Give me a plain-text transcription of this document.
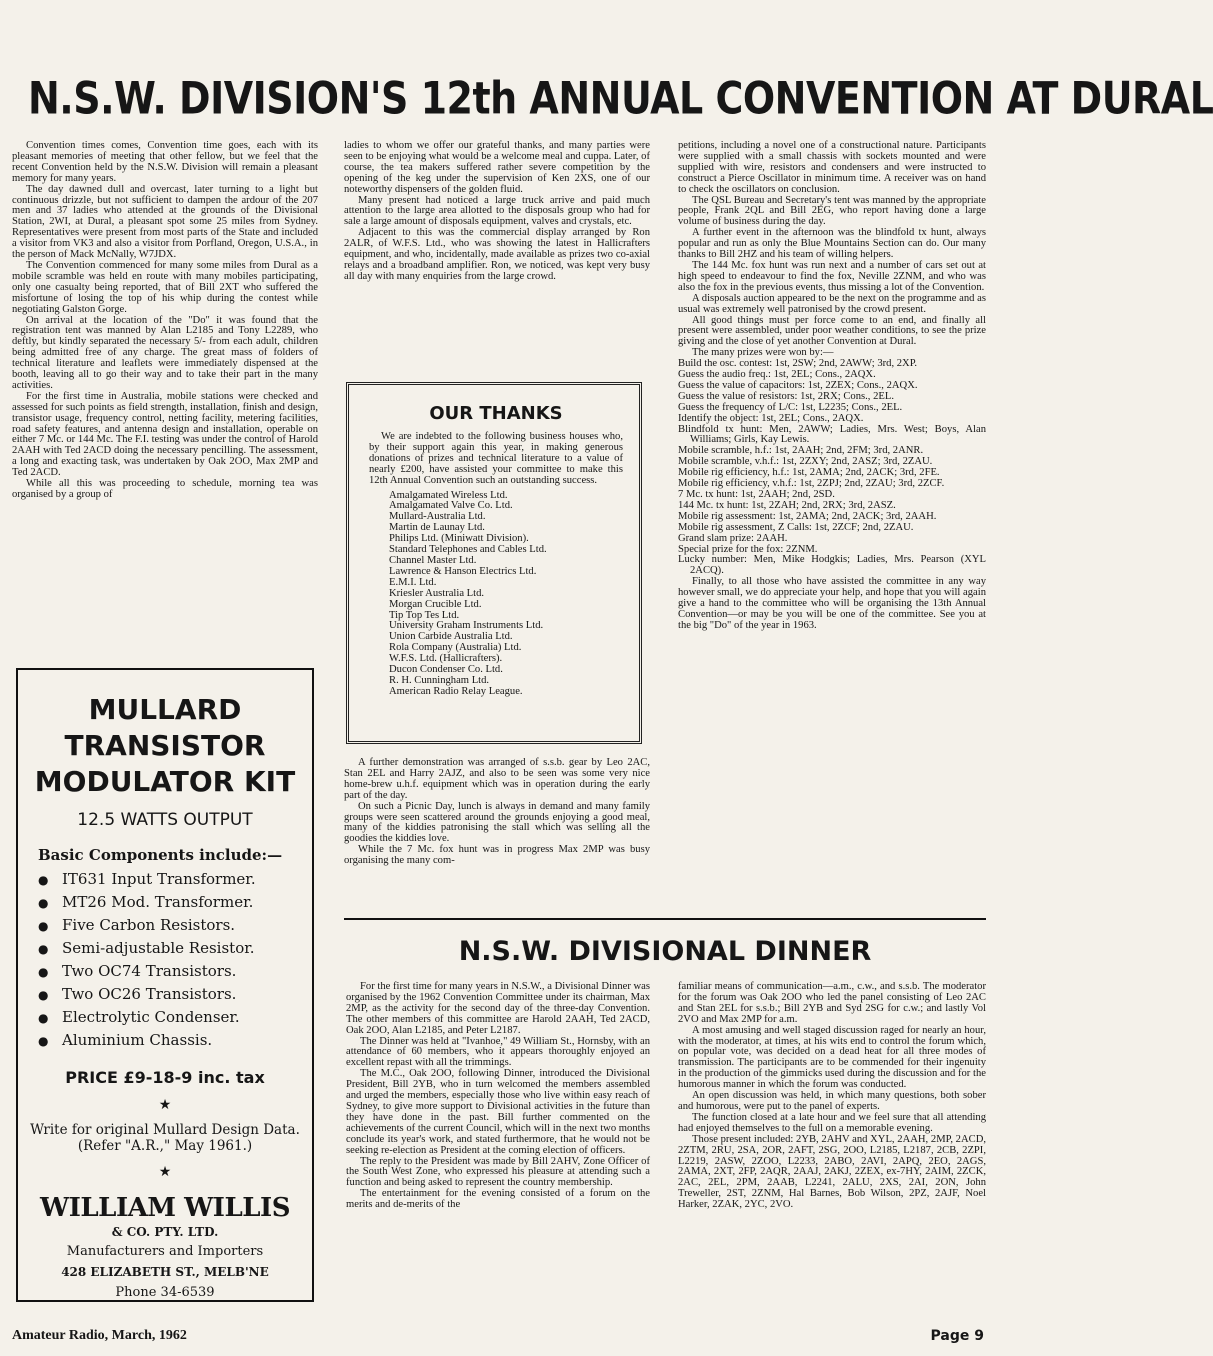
N.S.W. DIVISION'S 12th ANNUAL CONVENTION AT DURAL

Convention times comes, Convention time goes, each with its pleasant memories of meeting that other fellow, but we feel that the recent Convention held by the N.S.W. Division will remain a pleasant memory for many years.

The day dawned dull and overcast, later turning to a light but continuous drizzle, but not sufficient to dampen the ardour of the 207 men and 37 ladies who attended at the grounds of the Divisional Station, 2WI, at Dural, a pleasant spot some 25 miles from Sydney. Representatives were present from most parts of the State and included a visitor from VK3 and also a visitor from Porfland, Oregon, U.S.A., in the person of Mack McNally, W7JDX.

The Convention commenced for many some miles from Dural as a mobile scramble was held en route with many mobiles participating, only one casualty being reported, that of Bill 2XT who suffered the misfortune of losing the top of his whip during the contest while negotiating Galston Gorge.

On arrival at the location of the "Do" it was found that the registration tent was manned by Alan L2185 and Tony L2289, who deftly, but kindly separated the necessary 5/- from each adult, children being admitted free of any charge. The great mass of folders of technical literature and leaflets were immediately dispensed at the booth, leaving all to go their way and to take their part in the many activities.

For the first time in Australia, mobile stations were checked and assessed for such points as field strength, installation, finish and design, transistor usage, frequency control, netting facility, metering facilities, road safety features, and antenna design and installation, operable on either 7 Mc. or 144 Mc. The F.I. testing was under the control of Harold 2AAH with Ted 2ACD doing the necessary pencilling. The assessment, a long and exacting task, was undertaken by Oak 2OO, Max 2MP and Ted 2ACD.

While all this was proceeding to schedule, morning tea was organised by a group of

ladies to whom we offer our grateful thanks, and many parties were seen to be enjoying what would be a welcome meal and cuppa. Later, of course, the tea makers suffered rather severe competition by the opening of the keg under the supervision of Ken 2XS, one of our noteworthy dispensers of the golden fluid.

Many present had noticed a large truck arrive and paid much attention to the large area allotted to the disposals group who had for sale a large amount of disposals equipment, valves and crystals, etc.

Adjacent to this was the commercial display arranged by Ron 2ALR, of W.F.S. Ltd., who was showing the latest in Hallicrafters equipment, and who, incidentally, made available as prizes two co-axial relays and a broadband amplifier. Ron, we noticed, was kept very busy all day with many enquiries from the large crowd.

OUR THANKS

We are indebted to the following business houses who, by their support again this year, in making generous donations of prizes and technical literature to a value of nearly £200, have assisted your committee to make this 12th Annual Convention such an outstanding success.

Amalgamated Wireless Ltd.
Amalgamated Valve Co. Ltd.
Mullard-Australia Ltd.
Martin de Launay Ltd.
Philips Ltd. (Miniwatt Division).
Standard Telephones and Cables Ltd.
Channel Master Ltd.
Lawrence & Hanson Electrics Ltd.
E.M.I. Ltd.
Kriesler Australia Ltd.
Morgan Crucible Ltd.
Tip Top Tes Ltd.
University Graham Instruments Ltd.
Union Carbide Australia Ltd.
Rola Company (Australia) Ltd.
W.F.S. Ltd. (Hallicrafters).
Ducon Condenser Co. Ltd.
R. H. Cunningham Ltd.
American Radio Relay League.

A further demonstration was arranged of s.s.b. gear by Leo 2AC, Stan 2EL and Harry 2AJZ, and also to be seen was some very nice home-brew u.h.f. equipment which was in operation during the early part of the day.

On such a Picnic Day, lunch is always in demand and many family groups were seen scattered around the grounds enjoying a good meal, many of the kiddies patronising the stall which was selling all the goodies the kiddies love.

While the 7 Mc. fox hunt was in progress Max 2MP was busy organising the many com-

petitions, including a novel one of a constructional nature. Participants were supplied with a small chassis with sockets mounted and were supplied with wire, resistors and condensers and were instructed to construct a Pierce Oscillator in minimum time. A receiver was on hand to check the oscillators on conclusion.

The QSL Bureau and Secretary's tent was manned by the appropriate people, Frank 2QL and Bill 2EG, who report having done a large volume of business during the day.

A further event in the afternoon was the blindfold tx hunt, always popular and run as only the Blue Mountains Section can do. Our many thanks to Bill 2HZ and his team of willing helpers.

The 144 Mc. fox hunt was run next and a number of cars set out at high speed to endeavour to find the fox, Neville 2ZNM, and who was also the fox in the previous events, thus missing a lot of the Convention.

A disposals auction appeared to be the next on the programme and as usual was extremely well patronised by the crowd present.

All good things must per force come to an end, and finally all present were assembled, under poor weather conditions, to see the prize giving and the close of yet another Convention at Dural.

The many prizes were won by:—

Build the osc. contest: 1st, 2SW; 2nd, 2AWW; 3rd, 2XP.

Guess the audio freq.: 1st, 2EL; Cons., 2AQX.

Guess the value of capacitors: 1st, 2ZEX; Cons., 2AQX.

Guess the value of resistors: 1st, 2RX; Cons., 2EL.

Guess the frequency of L/C: 1st, L2235; Cons., 2EL.

Identify the object: 1st, 2EL; Cons., 2AQX.

Blindfold tx hunt: Men, 2AWW; Ladies, Mrs. West; Boys, Alan Williams; Girls, Kay Lewis.

Mobile scramble, h.f.: 1st, 2AAH; 2nd, 2FM; 3rd, 2ANR.

Mobile scramble, v.h.f.: 1st, 2ZXY; 2nd, 2ASZ; 3rd, 2ZAU.

Mobile rig efficiency, h.f.: 1st, 2AMA; 2nd, 2ACK; 3rd, 2FE.

Mobile rig efficiency, v.h.f.: 1st, 2ZPJ; 2nd, 2ZAU; 3rd, 2ZCF.

7 Mc. tx hunt: 1st, 2AAH; 2nd, 2SD.

144 Mc. tx hunt: 1st, 2ZAH; 2nd, 2RX; 3rd, 2ASZ.

Mobile rig assessment: 1st, 2AMA; 2nd, 2ACK; 3rd, 2AAH.

Mobile rig assessment, Z Calls: 1st, 2ZCF; 2nd, 2ZAU.

Grand slam prize: 2AAH.

Special prize for the fox: 2ZNM.

Lucky number: Men, Mike Hodgkis; Ladies, Mrs. Pearson (XYL 2ACQ).

Finally, to all those who have assisted the committee in any way however small, we do appreciate your help, and hope that you will again give a hand to the committee who will be organising the 13th Annual Convention—or may be you will be one of the committee. See you at the big "Do" of the year in 1963.

MULLARD
TRANSISTOR
MODULATOR KIT
12.5 WATTS OUTPUT
Basic Components include:—
● IT631 Input Transformer.
● MT26 Mod. Transformer.
● Five Carbon Resistors.
● Semi-adjustable Resistor.
● Two OC74 Transistors.
● Two OC26 Transistors.
● Electrolytic Condenser.
● Aluminium Chassis.
PRICE £9-18-9 inc. tax
★
Write for original Mullard Design Data. (Refer "A.R.," May 1961.)
★
WILLIAM WILLIS
& CO. PTY. LTD.
Manufacturers and Importers
428 ELIZABETH ST., MELB'NE
Phone 34-6539
N.S.W. DIVISIONAL DINNER

For the first time for many years in N.S.W., a Divisional Dinner was organised by the 1962 Convention Committee under its chairman, Max 2MP, as the activity for the second day of the three-day Convention. The other members of this committee are Harold 2AAH, Ted 2ACD, Oak 2OO, Alan L2185, and Peter L2187.

The Dinner was held at "Ivanhoe," 49 William St., Hornsby, with an attendance of 60 members, who it appears thoroughly enjoyed an excellent repast with all the trimmings.

The M.C., Oak 2OO, following Dinner, introduced the Divisional President, Bill 2YB, who in turn welcomed the members assembled and urged the members, especially those who live within easy reach of Sydney, to give more support to Divisional activities in the future than they have done in the past. Bill further commented on the achievements of the current Council, which will in the next two months conclude its year's work, and stated furthermore, that he would not be seeking re-election as President at the coming election of officers.

The reply to the President was made by Bill 2AHV, Zone Officer of the South West Zone, who expressed his pleasure at attending such a function and being asked to represent the country membership.

The entertainment for the evening consisted of a forum on the merits and de-merits of the

familiar means of communication—a.m., c.w., and s.s.b. The moderator for the forum was Oak 2OO who led the panel consisting of Leo 2AC and Stan 2EL for s.s.b.; Bill 2YB and Syd 2SG for c.w.; and lastly Vol 2VO and Max 2MP for a.m.

A most amusing and well staged discussion raged for nearly an hour, with the moderator, at times, at his wits end to control the forum which, on popular vote, was decided on a dead heat for all three modes of transmission. The participants are to be commended for their ingenuity in the production of the gimmicks used during the discussion and for the humorous manner in which the forum was conducted.

An open discussion was held, in which many questions, both sober and humorous, were put to the panel of experts.

The function closed at a late hour and we feel sure that all attending had enjoyed themselves to the full on a memorable evening.

Those present included: 2YB, 2AHV and XYL, 2AAH, 2MP, 2ACD, 2ZTM, 2RU, 2SA, 2OR, 2AFT, 2SG, 2OO, L2185, L2187, 2CB, 2ZPI, L2219, 2ASW, 2ZOO, L2233, 2ABO, 2AVI, 2APQ, 2EO, 2AGS, 2AMA, 2XT, 2FP, 2AQR, 2AAJ, 2AKJ, 2ZEX, ex-7HY, 2AIM, 2ZCK, 2AC, 2EL, 2PM, 2AAB, L2241, 2ALU, 2XS, 2AI, 2ON, John Treweller, 2ST, 2ZNM, Hal Barnes, Bob Wilson, 2PZ, 2AJF, Noel Harker, 2ZAK, 2YC, 2VO.

Amateur Radio, March, 1962	Page 9
